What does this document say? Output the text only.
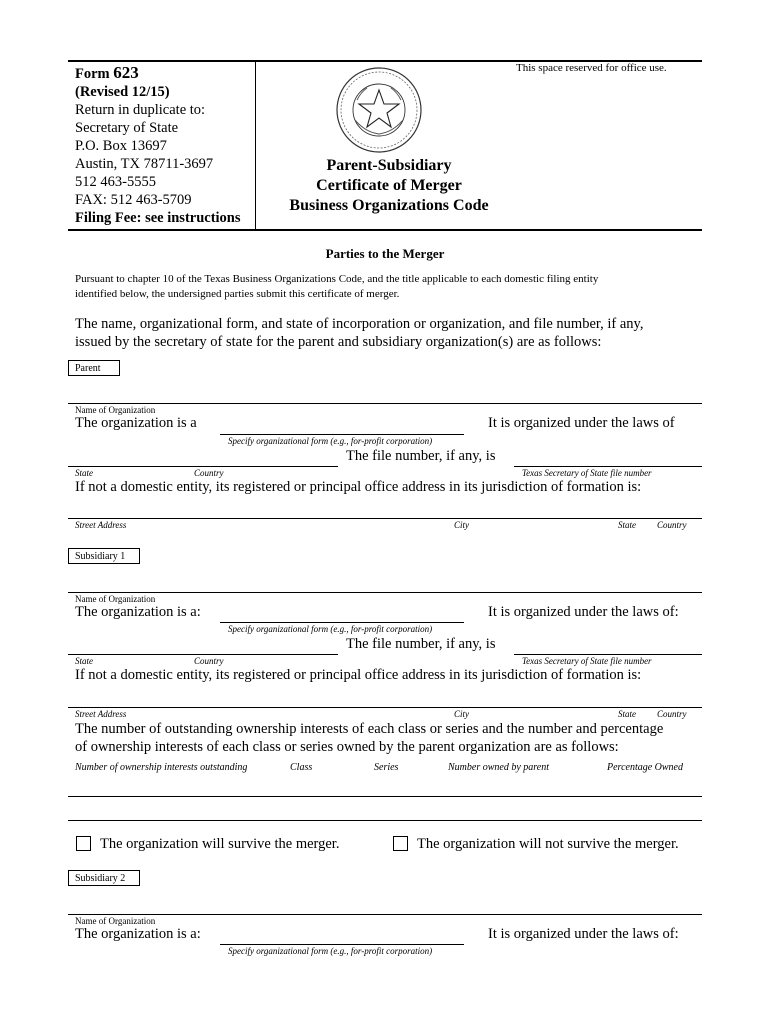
Form 623
(Revised 12/15)
Return in duplicate to:
Secretary of State
P.O. Box 13697
Austin, TX 78711-3697
512 463-5555
FAX: 512 463-5709
Filing Fee: see instructions
This space reserved for office use.
Parent-Subsidiary
Certificate of Merger
Business Organizations Code
Parties to the Merger
Pursuant to chapter 10 of the Texas Business Organizations Code, and the title applicable to each domestic filing entity
identified below, the undersigned parties submit this certificate of merger.
The name, organizational form, and state of incorporation or organization, and file number, if any,
issued by the secretary of state for the parent and subsidiary organization(s) are as follows:
Parent
Name of Organization
The organization is a
Specify organizational form (e.g., for-profit corporation)
It is organized under the laws of
The file number, if any, is
State	Country	Texas Secretary of State file number
If not a domestic entity, its registered or principal office address in its jurisdiction of formation is:
Street Address	City	State Country
Subsidiary 1
Name of Organization
The organization is a:
Specify organizational form (e.g., for-profit corporation)
It is organized under the laws of:
The file number, if any, is
State	Country	Texas Secretary of State file number
If not a domestic entity, its registered or principal office address in its jurisdiction of formation is:
Street Address	City	State Country
The number of outstanding ownership interests of each class or series and the number and percentage
of ownership interests of each class or series owned by the parent organization are as follows:
Number of ownership interests outstanding	Class	Series	Number owned by parent	Percentage Owned
The organization will survive the merger.	The organization will not survive the merger.
Subsidiary 2
Name of Organization
The organization is a:
Specify organizational form (e.g., for-profit corporation)
It is organized under the laws of:
